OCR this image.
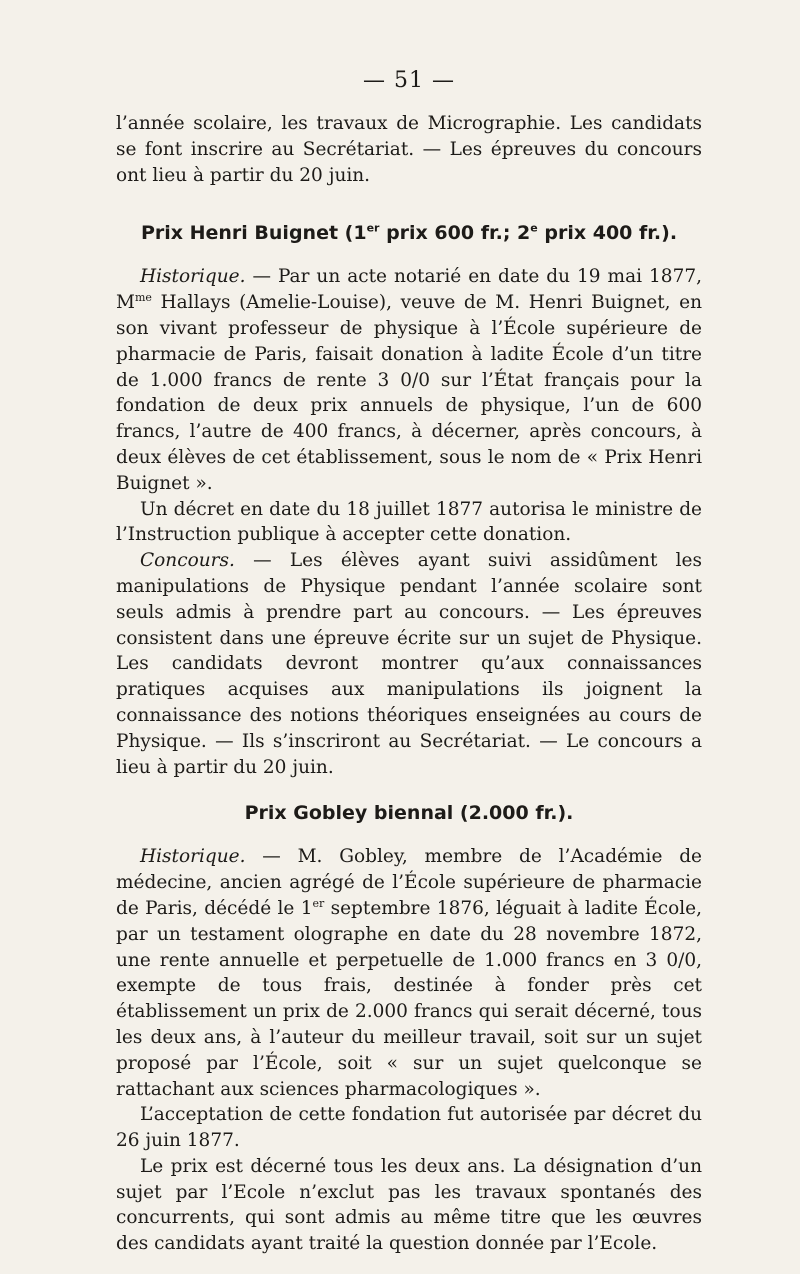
— 51 —

l’année scolaire, les travaux de Micrographie. Les candidats se font inscrire au Secrétariat. — Les épreuves du concours ont lieu à partir du 20 juin.

Prix Henri Buignet (1er prix 600 fr.; 2e prix 400 fr.).

Historique. — Par un acte notarié en date du 19 mai 1877, $M^{me}$ Hallays (Amelie-Louise), veuve de M. Henri Buignet, en son vivant professeur de physique à l’École supérieure de pharmacie de Paris, faisait donation à ladite École d’un titre de 1.000 francs de rente 3 0/0 sur l’État français pour la fondation de deux prix annuels de physique, l’un de 600 francs, l’autre de 400 francs, à décerner, après concours, à deux élèves de cet établissement, sous le nom de « Prix Henri Buignet ».

Un décret en date du 18 juillet 1877 autorisa le ministre de l’Instruction publique à accepter cette donation.

Concours. — Les élèves ayant suivi assidûment les manipulations de Physique pendant l’année scolaire sont seuls admis à prendre part au concours. — Les épreuves consistent dans une épreuve écrite sur un sujet de Physique. Les candidats devront montrer qu’aux connaissances pratiques acquises aux manipulations ils joignent la connaissance des notions théoriques enseignées au cours de Physique. — Ils s’inscriront au Secrétariat. — Le concours a lieu à partir du 20 juin.

Prix Gobley biennal (2.000 fr.).

Historique. — M. Gobley, membre de l’Académie de médecine, ancien agrégé de l’École supérieure de pharmacie de Paris, décédé le 1er septembre 1876, léguait à ladite École, par un testament olographe en date du 28 novembre 1872, une rente annuelle et perpetuelle de 1.000 francs en 3 0/0, exempte de tous frais, destinée à fonder près cet établissement un prix de 2.000 francs qui serait décerné, tous les deux ans, à l’auteur du meilleur travail, soit sur un sujet proposé par l’École, soit « sur un sujet quelconque se rattachant aux sciences pharmacologiques ».

L’acceptation de cette fondation fut autorisée par décret du 26 juin 1877.

Le prix est décerné tous les deux ans. La désignation d’un sujet par l’Ecole n’exclut pas les travaux spontanés des concurrents, qui sont admis au même titre que les œuvres des candidats ayant traité la question donnée par l’Ecole.
